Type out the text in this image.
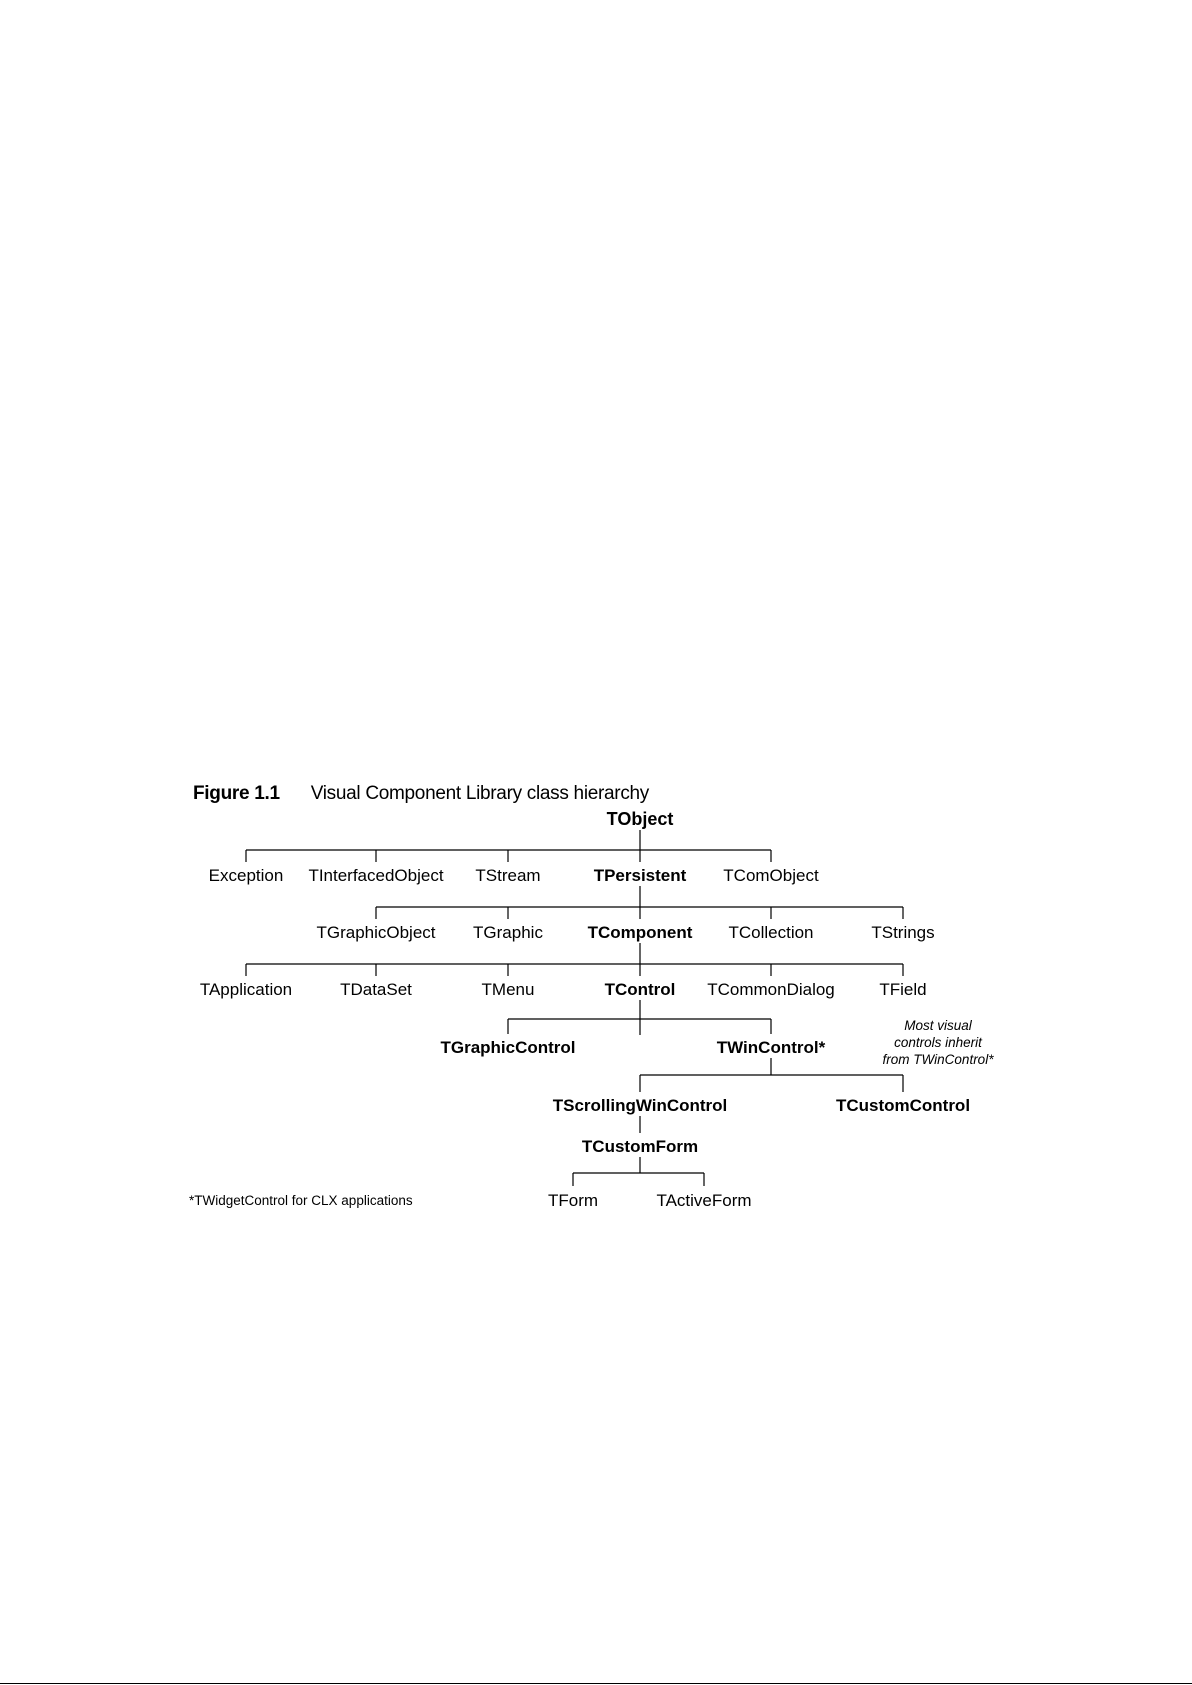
Figure 1.1 Visual Component Library class hierarchy
TObject
Exception TInterfacedObject TStream	TPersistent TComObject
TGraphicObject TGraphic	TComponent TCollection	TStrings
TApplication	TDataSet	TMenu	TControl TCommonDialog	TField
TGraphicControl	TWinControl*
TScrollingWinControl	TCustomControl
TCustomForm
TForm	TActiveForm
Most visual
controls inherit
from TWinControl*
*TWidgetControl for CLX applications
